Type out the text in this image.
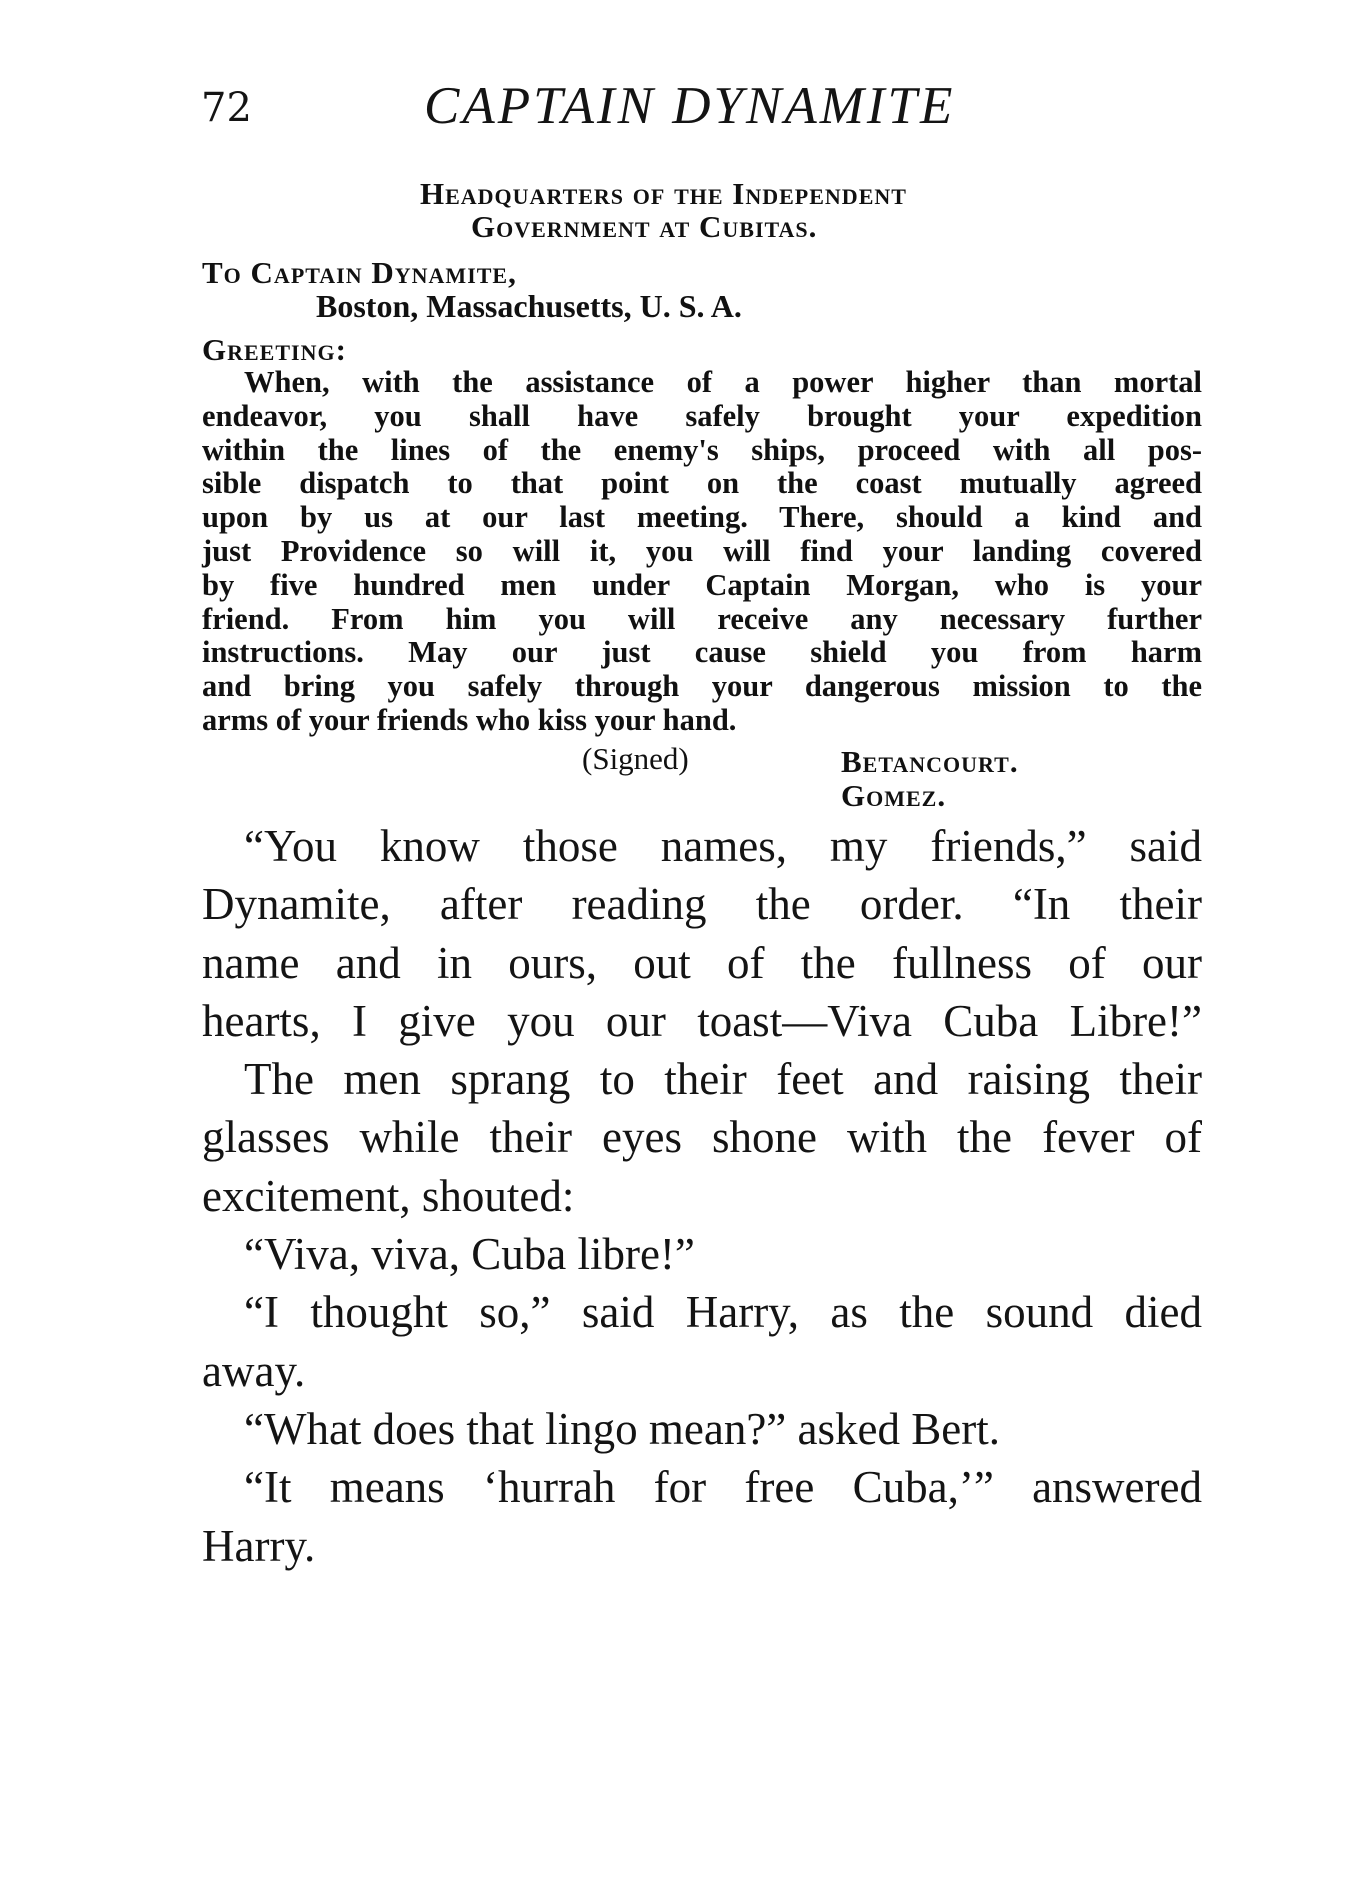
72	CAPTAIN DYNAMITE
Headquarters of the Independent
Government at Cubitas.
To Captain Dynamite,
Boston, Massachusetts, U. S. A.
Greeting:
When, with the assistance of a power higher than mortal
endeavor, you shall have safely brought your expedition
within the lines of the enemy's ships, proceed with all pos-
sible dispatch to that point on the coast mutually agreed
upon by us at our last meeting. There, should a kind and
just Providence so will it, you will find your landing covered
by five hundred men under Captain Morgan, who is your
friend. From him you will receive any necessary further
instructions. May our just cause shield you from harm
and bring you safely through your dangerous mission to the
arms of your friends who kiss your hand.
(Signed)	Betancourt.
Gomez.
“You know those names, my friends,” said
Dynamite, after reading the order. “In their
name and in ours, out of the fullness of our
hearts, I give you our toast—Viva Cuba Libre!”
The men sprang to their feet and raising their
glasses while their eyes shone with the fever of
excitement, shouted:
“Viva, viva, Cuba libre!”
“I thought so,” said Harry, as the sound died
away.
“What does that lingo mean?” asked Bert.
“It means ‘hurrah for free Cuba,’” answered
Harry.
